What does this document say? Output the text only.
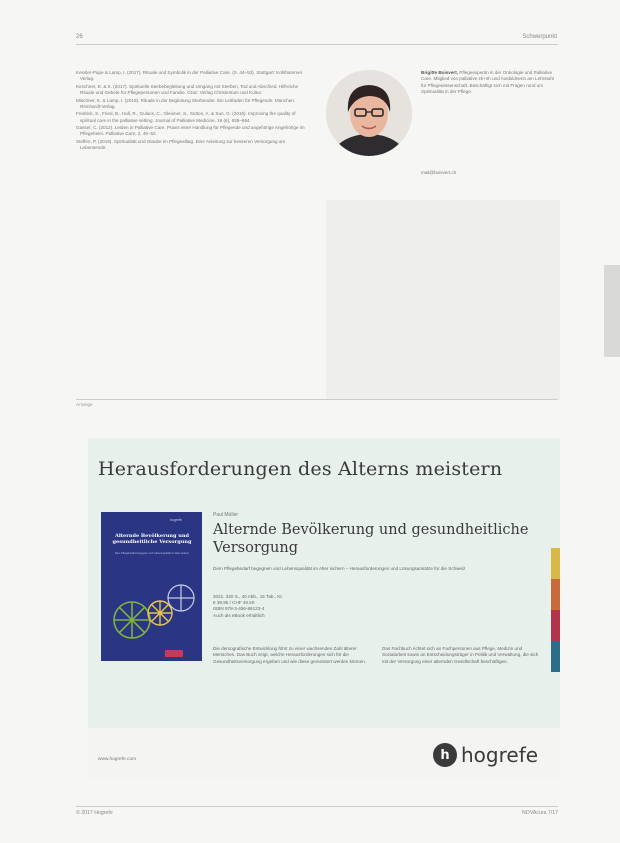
26	Schwerpunkt

Kessler-Pape & Lamp, I. (2017). Rituale und Symbolik in der Palliative Care. (S. 44–53). Stuttgart: Kohlhammer Verlag.

Kirschner, E. & K. (2017). Spirituelle Sterbebegleitung und Umgang mit Sterben, Tod und Abschied. Hilfreiche Rituale und Gebete für Pflegepersonen und Familie. Graz: Verlag Christentum und Kultur.

Mischner, K. & Lamp, I. (2019). Rituale in der Begleitung Sterbender. Ein Leitfaden für Pflegende. München: Reinhardt-Verlag.

Fredrick, S., Fried, B., Hall, R., Gulacs, C., Gleixner, S., Sutton, A. & Sun, G. (2016). Improving the quality of spiritual care in the palliative setting. Journal of Palliative Medicine, 19 (6), 658–664.

Gasser, C. (2012). Leiden in Palliative Care. Praxis einer Handlung für Pflegende und angehörige Angehörige im Pflegeheim. Palliative Care, 2, 46–52.

Steffen, P. (2019). Spiritualität und Glaube im Pflegealltag. Eine Anleitung zur besseren Versorgung am Lebensende.

Brigitte Boisvert, Pflegeexpertin in der Onkologie und Palliative Care. Mitglied von palliative zh+sh und Ausbildnerin am Lehrstuhl für Pflegewissenschaft. Beschäftigt sich mit Fragen rund um Spiritualität in der Pflege.
mail@boisvert.ch
Anzeige
Herausforderungen des Alterns meistern
hogrefe
Alternde Bevölkerung und gesundheitliche Versorgung
Dem Pflegebedarf begegnen und Lebensqualität im Alter sichern
Paul Müller
Alternde Bevölkerung und gesundheitliche Versorgung
Dem Pflegebedarf begegnen und Lebensqualität im Alter sichern – Herausforderungen und Lösungsansätze für die Schweiz
2021. 320 S., 40 Abb., 15 Tab., Kt.
€ 39,95 / CHF 49.50
ISBN 978-3-456-86123-4
Auch als eBook erhältlich
Die demografische Entwicklung führt zu einer wachsenden Zahl älterer Menschen. Das Buch zeigt, welche Herausforderungen sich für die Gesundheitsversorgung ergeben und wie diese gemeistert werden können.
Das Fachbuch richtet sich an Fachpersonen aus Pflege, Medizin und Sozialarbeit sowie an Entscheidungsträger in Politik und Verwaltung, die sich mit der Versorgung einer alternden Gesellschaft beschäftigen.
www.hogrefe.com	h hogrefe
© 2017 Hogrefe	NOVAcura 7/17
